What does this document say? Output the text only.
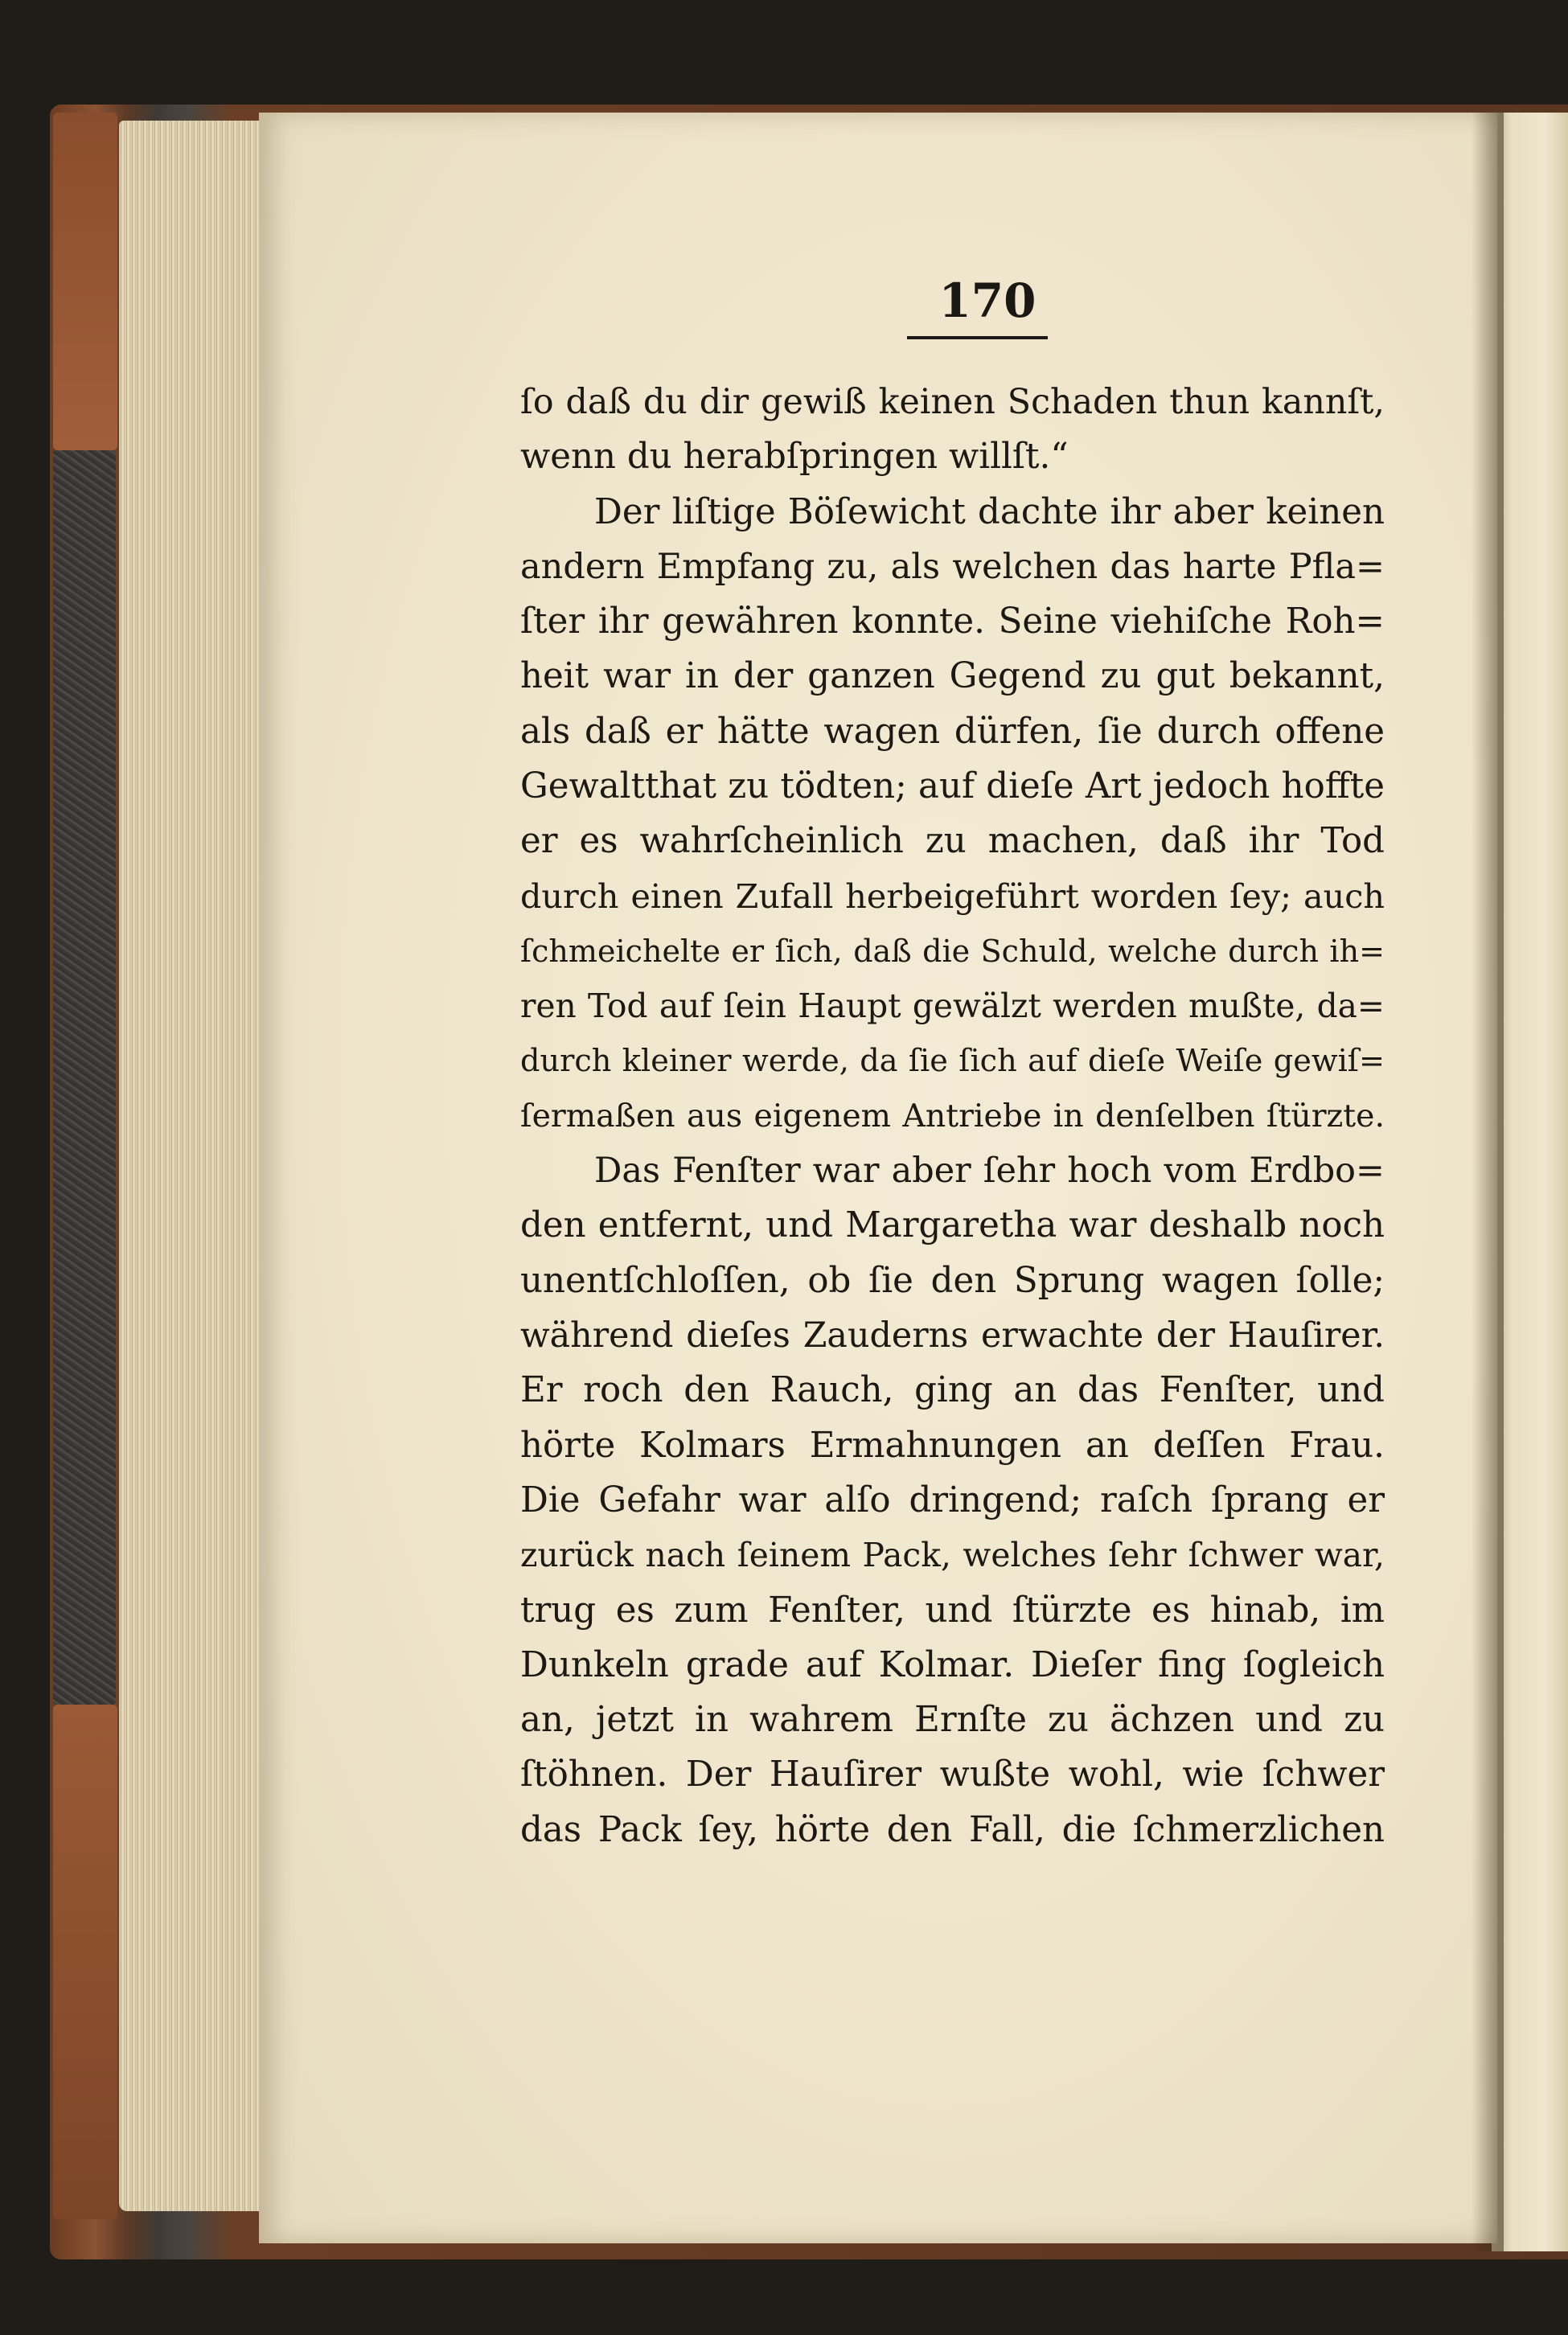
170
ſo daß du dir gewiß keinen Schaden thun kannſt,
wenn du herabſpringen willſt.“
Der liſtige Böſewicht dachte ihr aber keinen
andern Empfang zu, als welchen das harte Pfla=
ſter ihr gewähren konnte. Seine viehiſche Roh=
heit war in der ganzen Gegend zu gut bekannt,
als daß er hätte wagen dürfen, ſie durch offene
Gewaltthat zu tödten; auf dieſe Art jedoch hoffte
er es wahrſcheinlich zu machen, daß ihr Tod
durch einen Zufall herbeigeführt worden ſey; auch
ſchmeichelte er ſich, daß die Schuld, welche durch ih=
ren Tod auf ſein Haupt gewälzt werden mußte, da=
durch kleiner werde, da ſie ſich auf dieſe Weiſe gewiſ=
ſermaßen aus eigenem Antriebe in denſelben ſtürzte.
Das Fenſter war aber ſehr hoch vom Erdbo=
den entfernt, und Margaretha war deshalb noch
unentſchloſſen, ob ſie den Sprung wagen ſolle;
während dieſes Zauderns erwachte der Hauſirer.
Er roch den Rauch, ging an das Fenſter, und
hörte Kolmars Ermahnungen an deſſen Frau.
Die Gefahr war alſo dringend; raſch ſprang er
zurück nach ſeinem Pack, welches ſehr ſchwer war,
trug es zum Fenſter, und ſtürzte es hinab, im
Dunkeln grade auf Kolmar. Dieſer fing ſogleich
an, jetzt in wahrem Ernſte zu ächzen und zu
ſtöhnen. Der Hauſirer wußte wohl, wie ſchwer
das Pack ſey, hörte den Fall, die ſchmerzlichen
